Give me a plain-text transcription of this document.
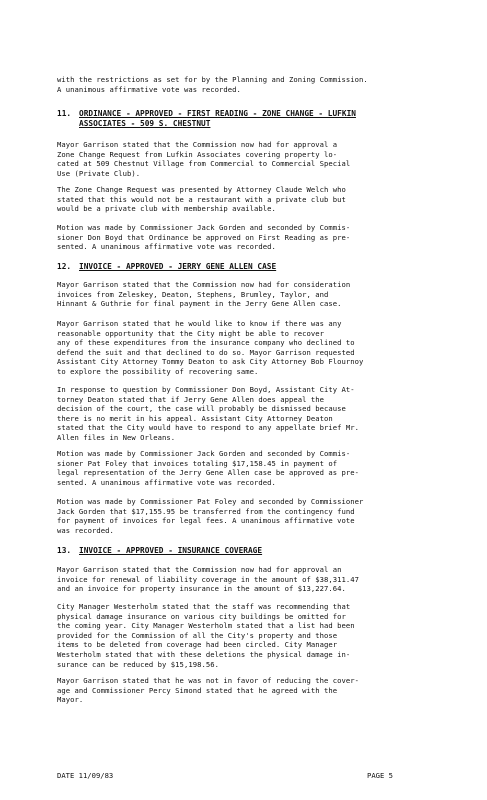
with the restrictions as set for by the Planning and Zoning Commission.
A unanimous affirmative vote was recorded.

11. ORDINANCE - APPROVED - FIRST READING - ZONE CHANGE - LUFKIN

ASSOCIATES - 509 S. CHESTNUT

Mayor Garrison stated that the Commission now had for approval a
Zone Change Request from Lufkin Associates covering property lo-
cated at 509 Chestnut Village from Commercial to Commercial Special
Use (Private Club).

The Zone Change Request was presented by Attorney Claude Welch who
stated that this would not be a restaurant with a private club but
would be a private club with membership available.

Motion was made by Commissioner Jack Gorden and seconded by Commis-
sioner Don Boyd that Ordinance be approved on First Reading as pre-
sented. A unanimous affirmative vote was recorded.

12. INVOICE - APPROVED - JERRY GENE ALLEN CASE

Mayor Garrison stated that the Commission now had for consideration
invoices from Zeleskey, Deaton, Stephens, Brumley, Taylor, and
Hinnant & Guthrie for final payment in the Jerry Gene Allen case.

Mayor Garrison stated that he would like to know if there was any
reasonable opportunity that the City might be able to recover
any of these expenditures from the insurance company who declined to
defend the suit and that declined to do so. Mayor Garrison requested
Assistant City Attorney Tommy Deaton to ask City Attorney Bob Flournoy
to explore the possibility of recovering same.

In response to question by Commissioner Don Boyd, Assistant City At-
torney Deaton stated that if Jerry Gene Allen does appeal the
decision of the court, the case will probably be dismissed because
there is no merit in his appeal. Assistant City Attorney Deaton
stated that the City would have to respond to any appellate brief Mr.
Allen files in New Orleans.

Motion was made by Commissioner Jack Gorden and seconded by Commis-
sioner Pat Foley that invoices totaling $17,158.45 in payment of
legal representation of the Jerry Gene Allen case be approved as pre-
sented. A unanimous affirmative vote was recorded.

Motion was made by Commissioner Pat Foley and seconded by Commissioner
Jack Gorden that $17,155.95 be transferred from the contingency fund
for payment of invoices for legal fees. A unanimous affirmative vote
was recorded.

13. INVOICE - APPROVED - INSURANCE COVERAGE

Mayor Garrison stated that the Commission now had for approval an
invoice for renewal of liability coverage in the amount of $38,311.47
and an invoice for property insurance in the amount of $13,227.64.

City Manager Westerholm stated that the staff was recommending that
physical damage insurance on various city buildings be omitted for
the coming year. City Manager Westerholm stated that a list had been
provided for the Commission of all the City's property and those
items to be deleted from coverage had been circled. City Manager
Westerholm stated that with these deletions the physical damage in-
surance can be reduced by $15,198.56.

Mayor Garrison stated that he was not in favor of reducing the cover-
age and Commissioner Percy Simond stated that he agreed with the
Mayor.

DATE 11/09/83	PAGE 5
